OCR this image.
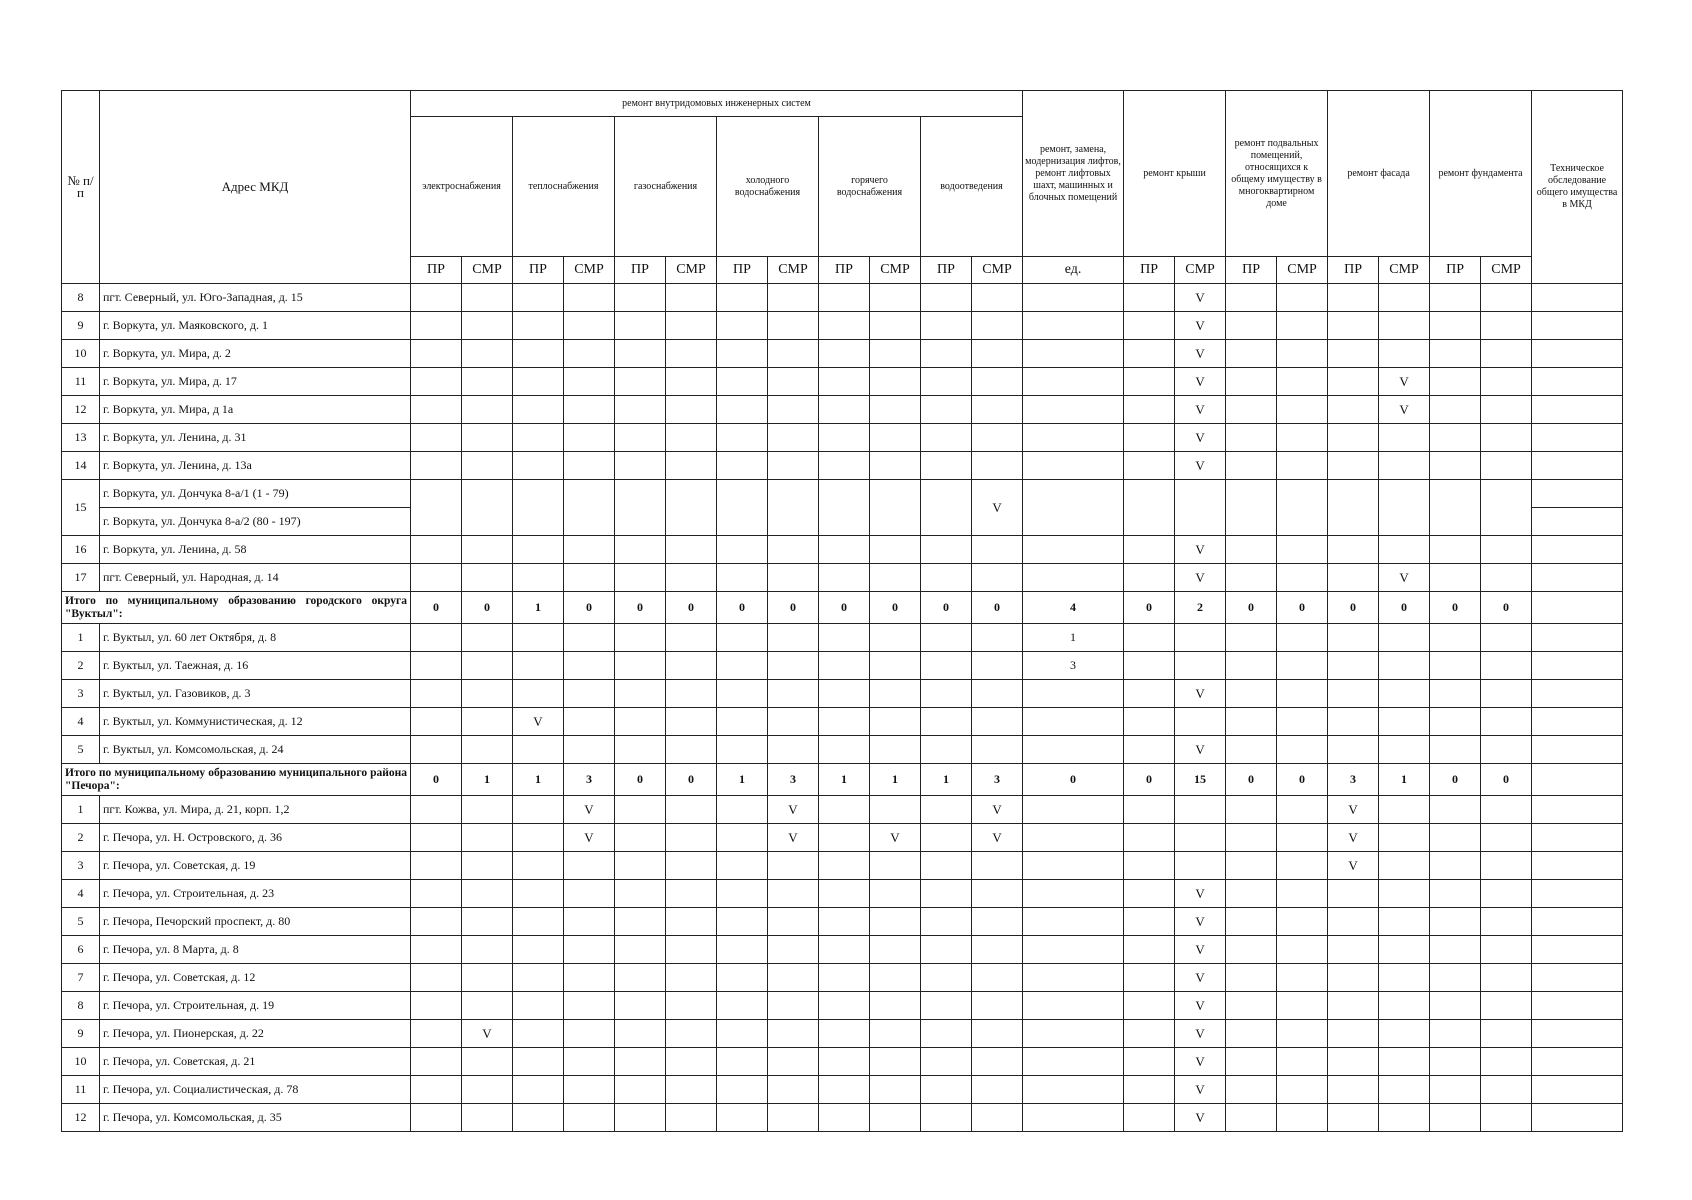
№ п/п	Адрес МКД	ремонт внутридомовых инженерных систем												ремонт, замена, модернизация лифтов, ремонт лифтовых шахт, машинных и блочных помещений	ремонт крыши		ремонт подвальных помещений, относящихся к общему имуществу в многоквартирном доме		ремонт фасада		ремонт фундамента		Техническое обследование общего имущества в МКД
		электроснабжения		теплоснабжения		газоснабжения		холодного водоснабжения		горячего водоснабжения		водоотведения											
		ПР	СМР	ПР	СМР	ПР	СМР	ПР	СМР	ПР	СМР	ПР	СМР	ед.	ПР	СМР	ПР	СМР	ПР	СМР	ПР	СМР	
8	пгт. Северный, ул. Юго-Западная, д. 15															V							
9	г. Воркута, ул. Маяковского, д. 1															V							
10	г. Воркута, ул. Мира, д. 2															V							
11	г. Воркута, ул. Мира, д. 17															V				V			
12	г. Воркута, ул. Мира, д 1а															V				V			
13	г. Воркута, ул. Ленина, д. 31															V							
14	г. Воркута, ул. Ленина, д. 13а															V							
15	г. Воркута, ул. Дончука 8-а/1 (1 - 79)												V										
	г. Воркута, ул. Дончука 8-а/2 (80 - 197)																						
16	г. Воркута, ул. Ленина, д. 58															V							
17	пгт. Северный, ул. Народная, д. 14															V				V			
Итого по муниципальному образованию городского округа "Вуктыл":		0	0	1	0	0	0	0	0	0	0	0	0	4	0	2	0	0	0	0	0	0	
1	г. Вуктыл, ул. 60 лет Октября, д. 8													1									
2	г. Вуктыл, ул. Таежная, д. 16													3									
3	г. Вуктыл, ул. Газовиков, д. 3															V							
4	г. Вуктыл, ул. Коммунистическая, д. 12			V																			
5	г. Вуктыл, ул. Комсомольская, д. 24															V							
Итого по муниципальному образованию муниципального района "Печора":		0	1	1	3	0	0	1	3	1	1	1	3	0	0	15	0	0	3	1	0	0	
1	пгт. Кожва, ул. Мира, д. 21, корп. 1,2				V				V				V						V				
2	г. Печора, ул. Н. Островского, д. 36				V				V		V		V						V				
3	г. Печора, ул. Советская, д. 19																		V				
4	г. Печора, ул. Строительная, д. 23															V							
5	г. Печора, Печорский проспект, д. 80															V							
6	г. Печора, ул. 8 Марта, д. 8															V							
7	г. Печора, ул. Советская, д. 12															V							
8	г. Печора, ул. Строительная, д. 19															V							
9	г. Печора, ул. Пионерская, д. 22		V													V							
10	г. Печора, ул. Советская, д. 21															V							
11	г. Печора, ул. Социалистическая, д. 78															V							
12	г. Печора, ул. Комсомольская, д. 35															V							
